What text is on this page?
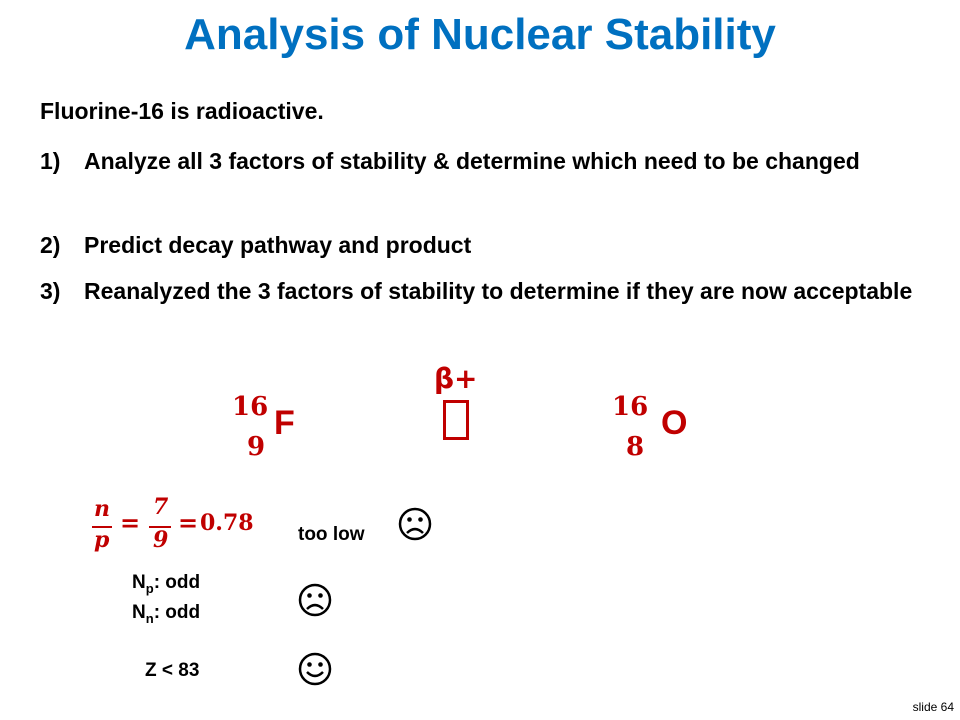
Analysis of Nuclear Stability
Fluorine-16 is radioactive.
1) Analyze all 3 factors of stability & determine which need to be changed
2) Predict decay pathway and product
3) Reanalyzed the 3 factors of stability to determine if they are now acceptable
16
9
F
β+
16
8
O
n
p
=
7
9
= 0.78 too low
$N_p$: odd
$N_n$: odd
Z < 83
slide 64
